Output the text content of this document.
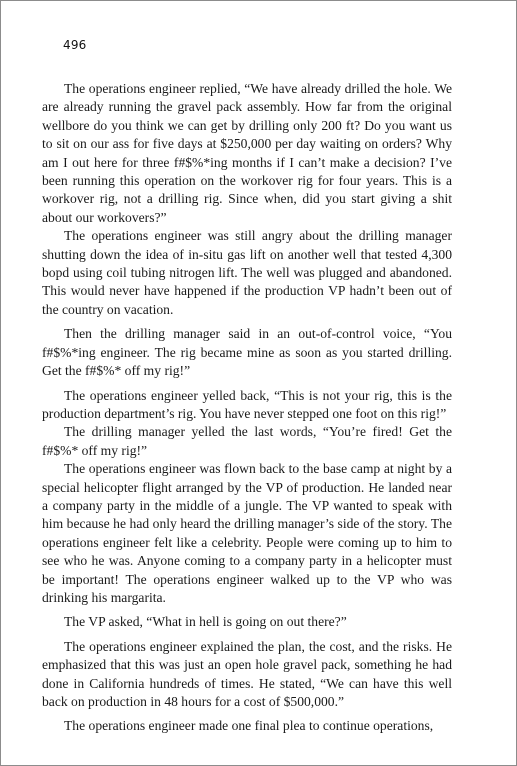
496

The operations engineer replied, “We have already drilled the hole. We are already running the gravel pack assembly. How far from the original wellbore do you think we can get by drilling only 200 ft? Do you want us to sit on our ass for five days at $250,000 per day waiting on orders? Why am I out here for three f#$%*ing months if I can’t make a decision? I’ve been running this operation on the workover rig for four years. This is a workover rig, not a drilling rig. Since when, did you start giving a shit about our workovers?”

The operations engineer was still angry about the drilling manager shutting down the idea of in-situ gas lift on another well that tested 4,300 bopd using coil tubing nitrogen lift. The well was plugged and abandoned. This would never have happened if the production VP hadn’t been out of the country on vacation.

Then the drilling manager said in an out-of-control voice, “You f#$%*ing engineer. The rig became mine as soon as you started drilling. Get the f#$%* off my rig!”

The operations engineer yelled back, “This is not your rig, this is the production department’s rig. You have never stepped one foot on this rig!”

The drilling manager yelled the last words, “You’re fired! Get the f#$%* off my rig!”

The operations engineer was flown back to the base camp at night by a special helicopter flight arranged by the VP of production. He landed near a company party in the middle of a jungle. The VP wanted to speak with him because he had only heard the drilling manager’s side of the story. The operations engineer felt like a celebrity. People were coming up to him to see who he was. Anyone coming to a company party in a helicopter must be important! The operations engineer walked up to the VP who was drinking his margarita.

The VP asked, “What in hell is going on out there?”

The operations engineer explained the plan, the cost, and the risks. He emphasized that this was just an open hole gravel pack, something he had done in California hundreds of times. He stated, “We can have this well back on production in 48 hours for a cost of $500,000.”

The operations engineer made one final plea to continue operations,
